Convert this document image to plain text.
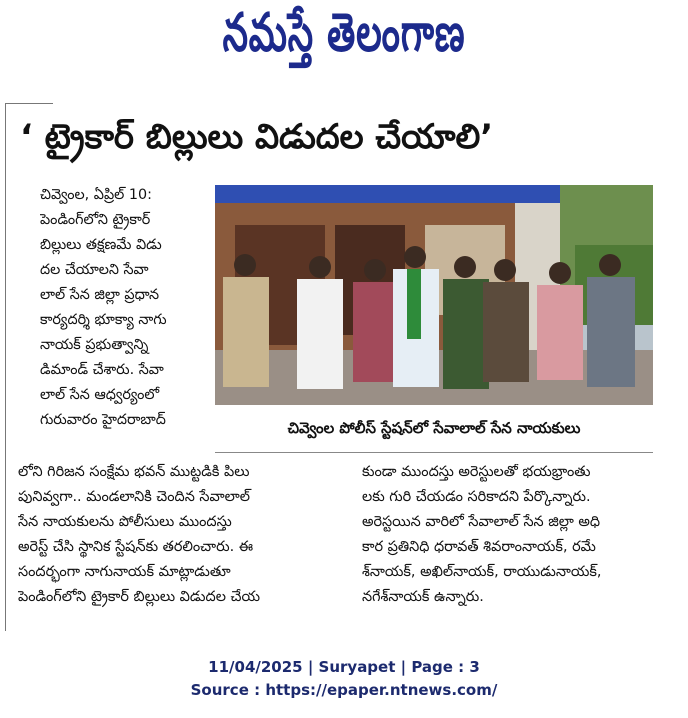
నమస్తే తెలంగాణ
‘ ట్రైకార్ బిల్లులు విడుదల చేయాలి’
చివ్వెంల, ఏప్రిల్ 10:
పెండింగ్‌లోని ట్రైకార్
బిల్లులు తక్షణమే విడు
దల చేయాలని సేవా
లాల్ సేన జిల్లా ప్రధాన
కార్యదర్శి భూక్యా నాగు
నాయక్ ప్రభుత్వాన్ని
డిమాండ్ చేశారు. సేవా
లాల్ సేన ఆధ్వర్యంలో
గురువారం హైదరాబాద్	చివ్వెంల పోలీస్ స్టేషన్‌లో సేవాలాల్ సేన నాయకులు
లోని గిరిజన సంక్షేమ భవన్ ముట్టడికి పిలు
పునివ్వగా.. మండలానికి చెందిన సేవాలాల్
సేన నాయకులను పోలీసులు ముందస్తు
అరెస్ట్ చేసి స్థానిక స్టేషన్‌కు తరలించారు. ఈ
సందర్భంగా నాగునాయక్ మాట్లాడుతూ
పెండింగ్‌లోని ట్రైకార్ బిల్లులు విడుదల చేయ
కుండా ముందస్తు అరెస్టులతో భయభ్రాంతు
లకు గురి చేయడం సరికాదని పేర్కొన్నారు.
అరెస్టయిన వారిలో సేవాలాల్ సేన జిల్లా అధి
కార ప్రతినిధి ధరావత్ శివరాంనాయక్, రమే
శ్‌నాయక్, అఖిల్‌నాయక్, రాయుడునాయక్,
నగేశ్‌నాయక్ ఉన్నారు.
11/04/2025 | Suryapet | Page : 3
Source : https://epaper.ntnews.com/
